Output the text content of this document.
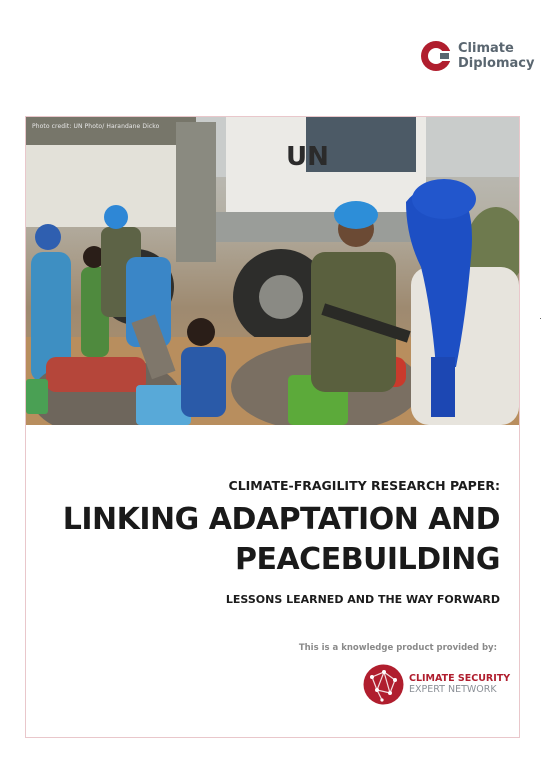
Climate
Diplomacy
UN
Photo credit: UN Photo/ Harandane Dicko
CLIMATE-FRAGILITY RESEARCH PAPER:
LINKING ADAPTATION AND
PEACEBUILDING
LESSONS LEARNED AND THE WAY FORWARD
This is a knowledge product provided by:
CLIMATE SECURITY
EXPERT NETWORK
